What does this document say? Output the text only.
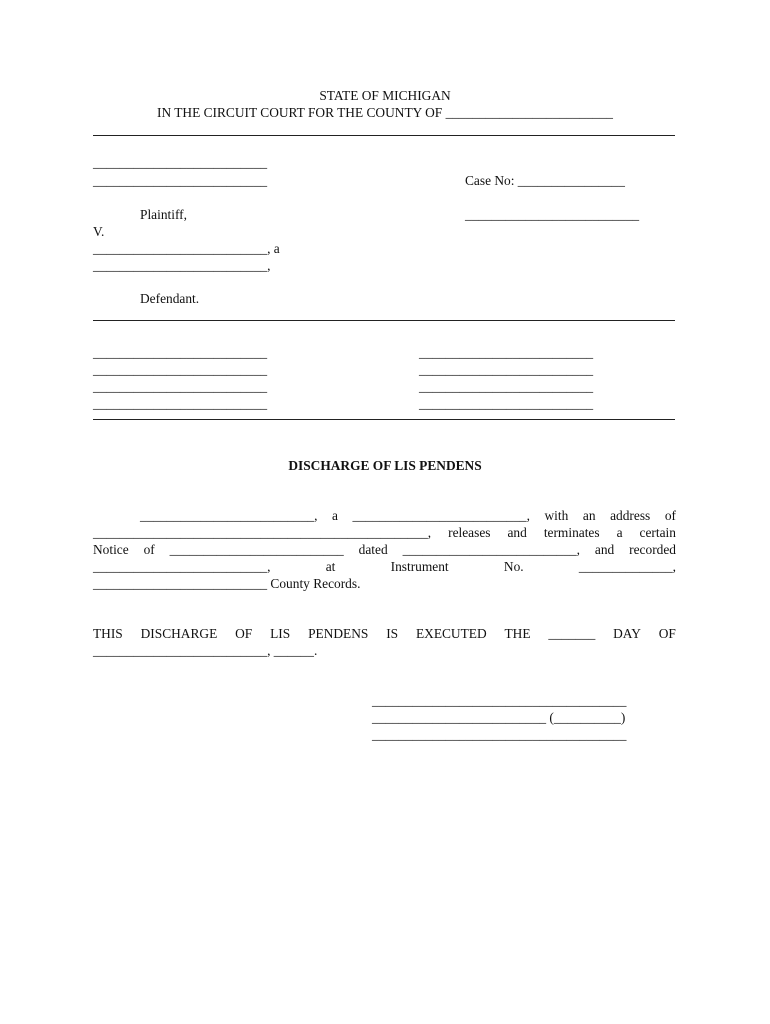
STATE OF MICHIGAN
IN THE CIRCUIT COURT FOR THE COUNTY OF _________________________
__________________________
__________________________	Case No: ________________
Plaintiff,	__________________________
V.
__________________________, a
__________________________,
Defendant.
__________________________
__________________________
__________________________
__________________________
__________________________
__________________________
__________________________
__________________________
DISCHARGE OF LIS PENDENS
__________________________, a __________________________, with an address of
__________________________________________________, releases and terminates a certain
Notice of __________________________ dated __________________________, and recorded
__________________________,	at	Instrument	No.	______________,
__________________________ County Records.
THIS DISCHARGE OF LIS PENDENS IS EXECUTED THE _______ DAY OF
__________________________, ______.
______________________________________
__________________________ (__________)
______________________________________
